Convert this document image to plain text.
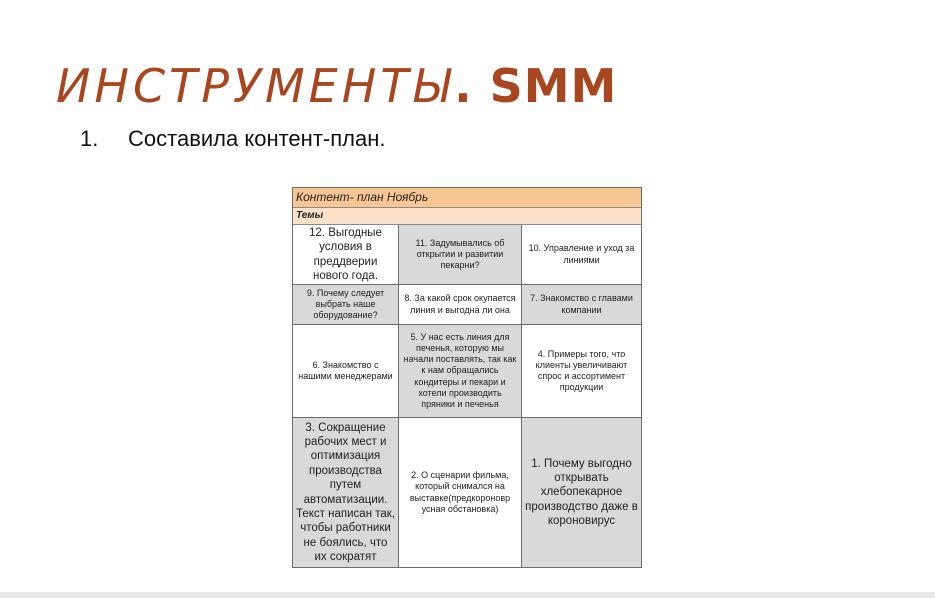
ИНСТРУМЕНТЫ. SMM
1. Составила контент-план.
Контент- план Ноябрь
Темы
12. Выгодные условия в преддверии нового года.
11. Задумывались об открытии и развитии пекарни?
10. Управление и уход за линиями
9. Почему следует выбрать наше оборудование?
8. За какой срок окупается линия и выгодна ли она
7. Знакомство с главами компании
6. Знакомство с нашими менеджерами
5. У нас есть линия для печенья, которую мы начали поставлять, так как к нам обращались кондитеры и пекари и хотели производить пряники и печенья
4. Примеры того, что клиенты увеличивают спрос и ассортимент продукции
3. Сокращение рабочих мест и оптимизация производства путем автоматизации. Текст написан так, чтобы работники не боялись, что их сократят
2. О сценарии фильма, который снимался на выставке(предкороновр усная обстановка)
1. Почему выгодно открывать хлебопекарное производство даже в короновирус
